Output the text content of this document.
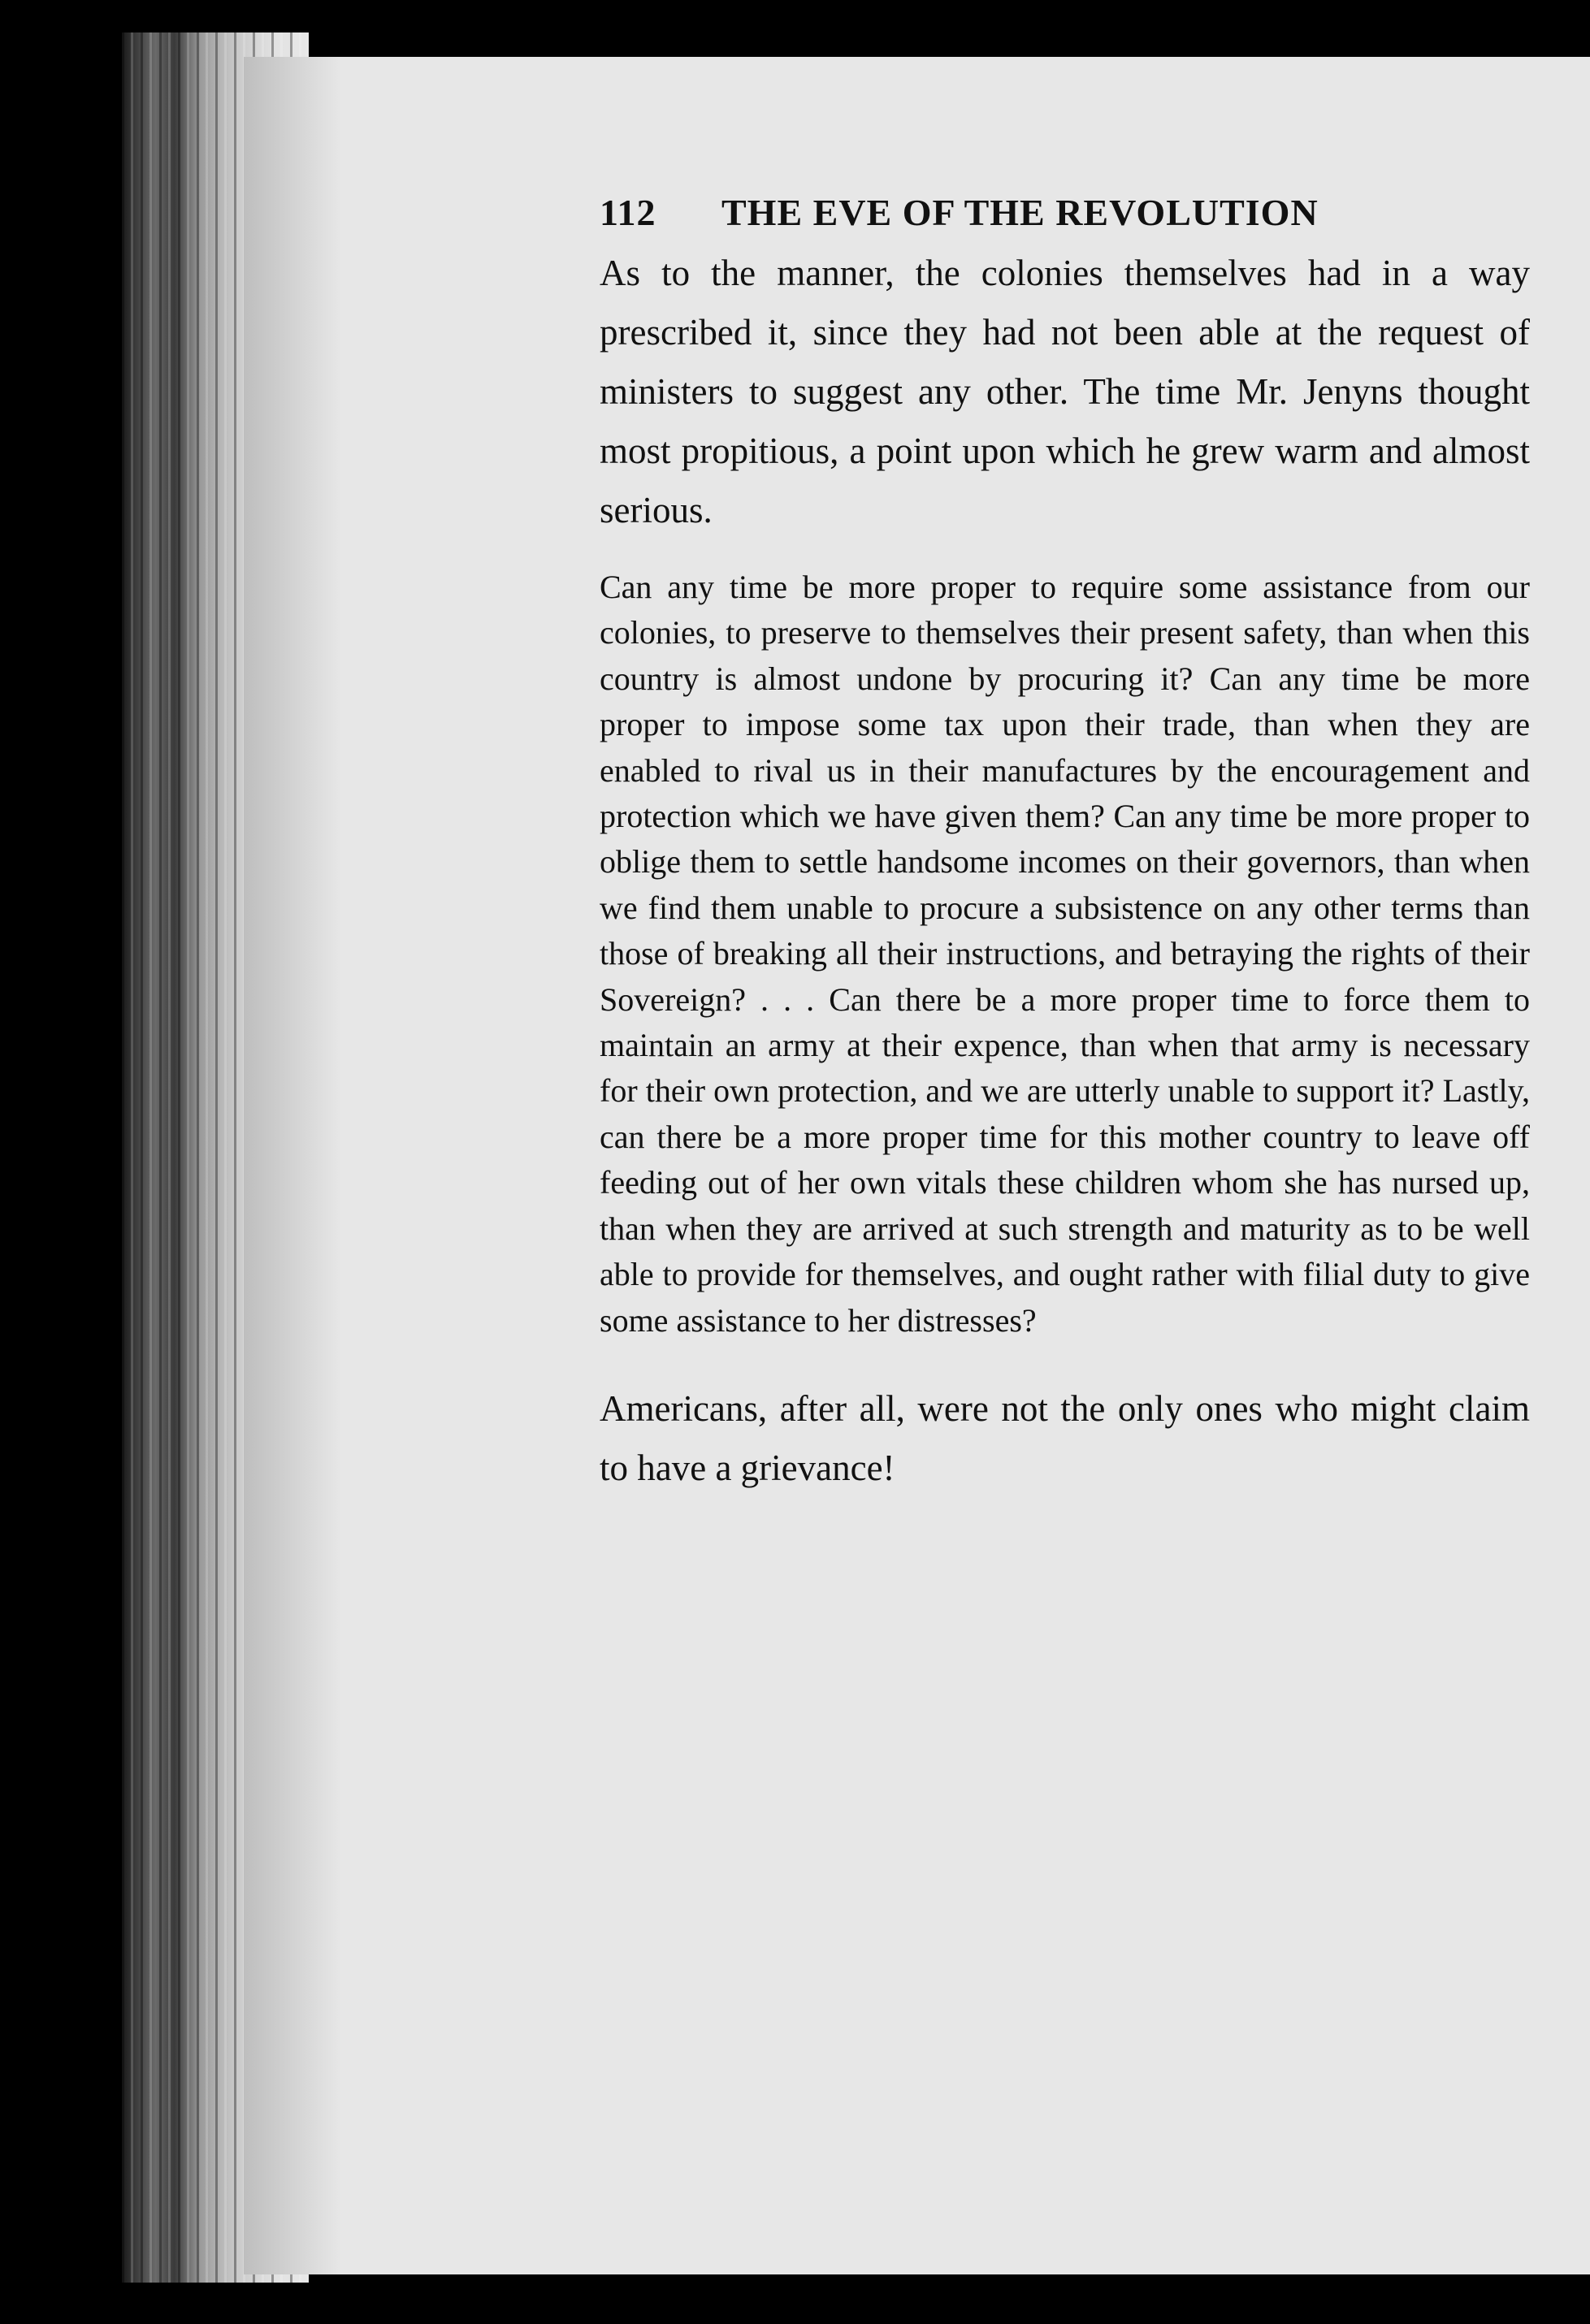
112 THE EVE OF THE REVOLUTION

As to the manner, the colonies themselves had in a way prescribed it, since they had not been able at the request of ministers to suggest any other. The time Mr. Jenyns thought most propitious, a point upon which he grew warm and almost serious.

Can any time be more proper to require some assistance from our colonies, to preserve to themselves their present safety, than when this country is almost undone by procuring it? Can any time be more proper to impose some tax upon their trade, than when they are enabled to rival us in their manufactures by the encouragement and protection which we have given them? Can any time be more proper to oblige them to settle handsome incomes on their governors, than when we find them unable to procure a subsistence on any other terms than those of breaking all their instructions, and betraying the rights of their Sovereign? . . . Can there be a more proper time to force them to maintain an army at their expence, than when that army is necessary for their own protection, and we are utterly unable to support it? Lastly, can there be a more proper time for this mother country to leave off feeding out of her own vitals these children whom she has nursed up, than when they are arrived at such strength and maturity as to be well able to provide for themselves, and ought rather with filial duty to give some assistance to her distresses?

Americans, after all, were not the only ones who might claim to have a grievance!
